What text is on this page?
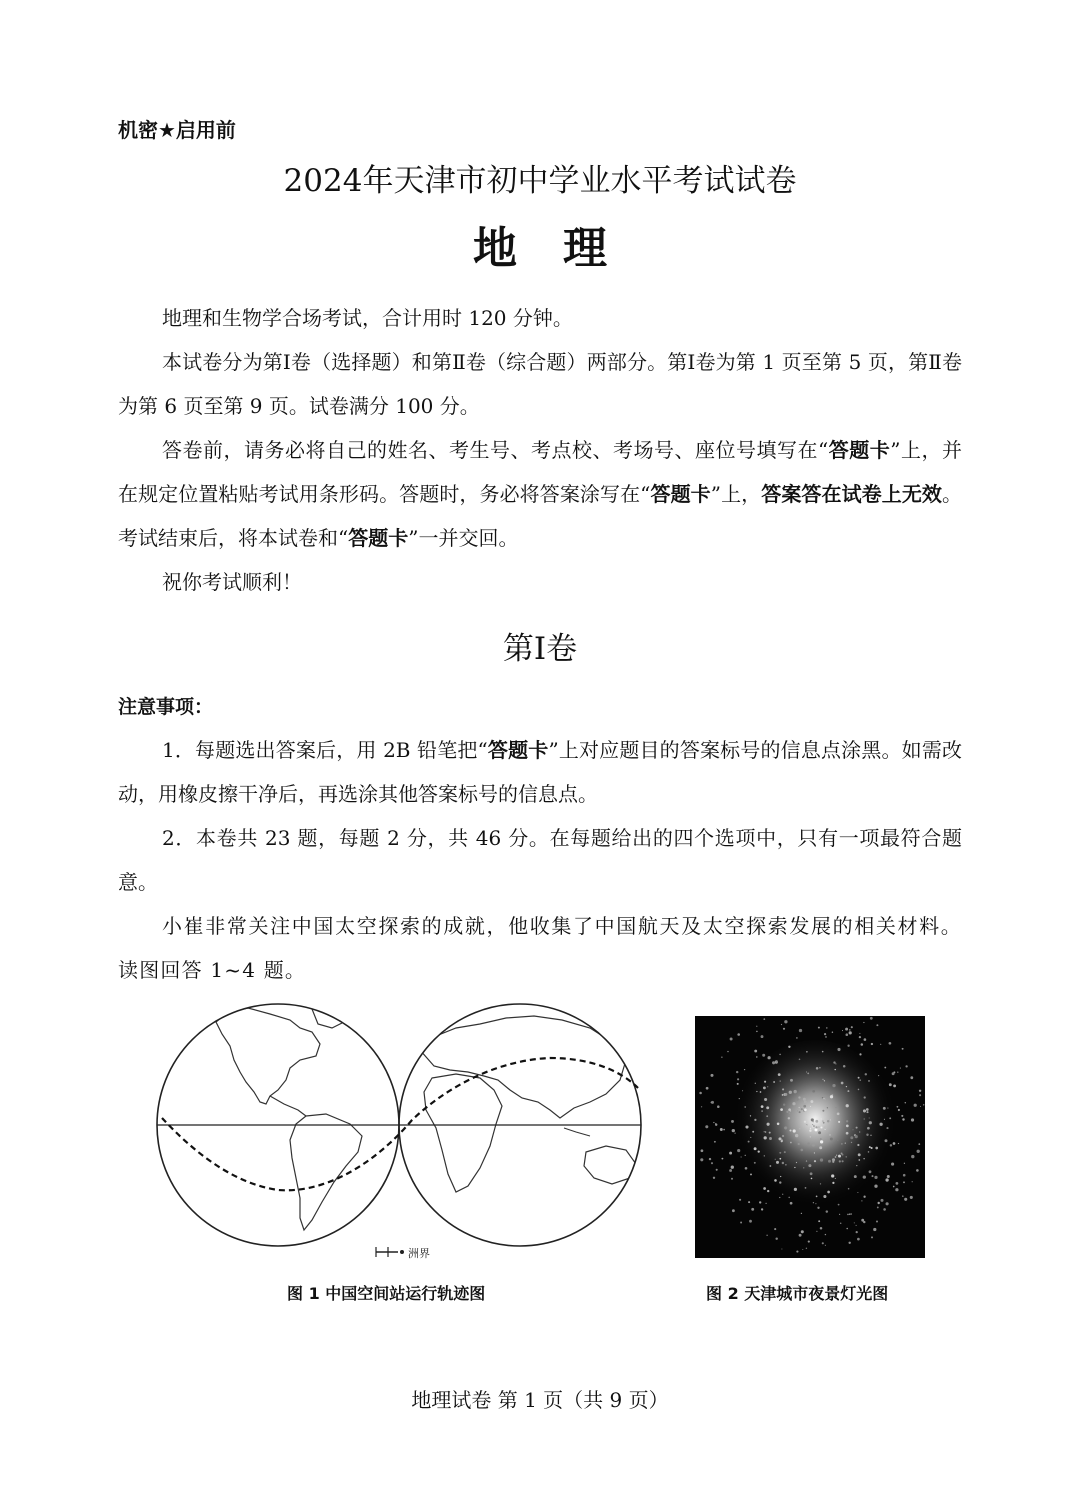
机密★启用前
2024年天津市初中学业水平考试试卷
地理
地理和生物学合场考试，合计用时 120 分钟。
本试卷分为第Ⅰ卷（选择题）和第Ⅱ卷（综合题）两部分。第Ⅰ卷为第 1 页至第 5 页，第Ⅱ卷为第 6 页至第 9 页。试卷满分 100 分。
答卷前，请务必将自己的姓名、考生号、考点校、考场号、座位号填写在“答题卡”上，并在规定位置粘贴考试用条形码。答题时，务必将答案涂写在“答题卡”上，答案答在试卷上无效。考试结束后，将本试卷和“答题卡”一并交回。
祝你考试顺利！
第Ⅰ卷
注意事项：
1．每题选出答案后，用 2B 铅笔把“答题卡”上对应题目的答案标号的信息点涂黑。如需改动，用橡皮擦干净后，再选涂其他答案标号的信息点。
2．本卷共 23 题，每题 2 分，共 46 分。在每题给出的四个选项中，只有一项最符合题意。
小崔非常关注中国太空探索的成就，他收集了中国航天及太空探索发展的相关材料。读图回答 1~4 题。
洲界
图 1 中国空间站运行轨迹图	图 2 天津城市夜景灯光图
地理试卷 第 1 页（共 9 页）
